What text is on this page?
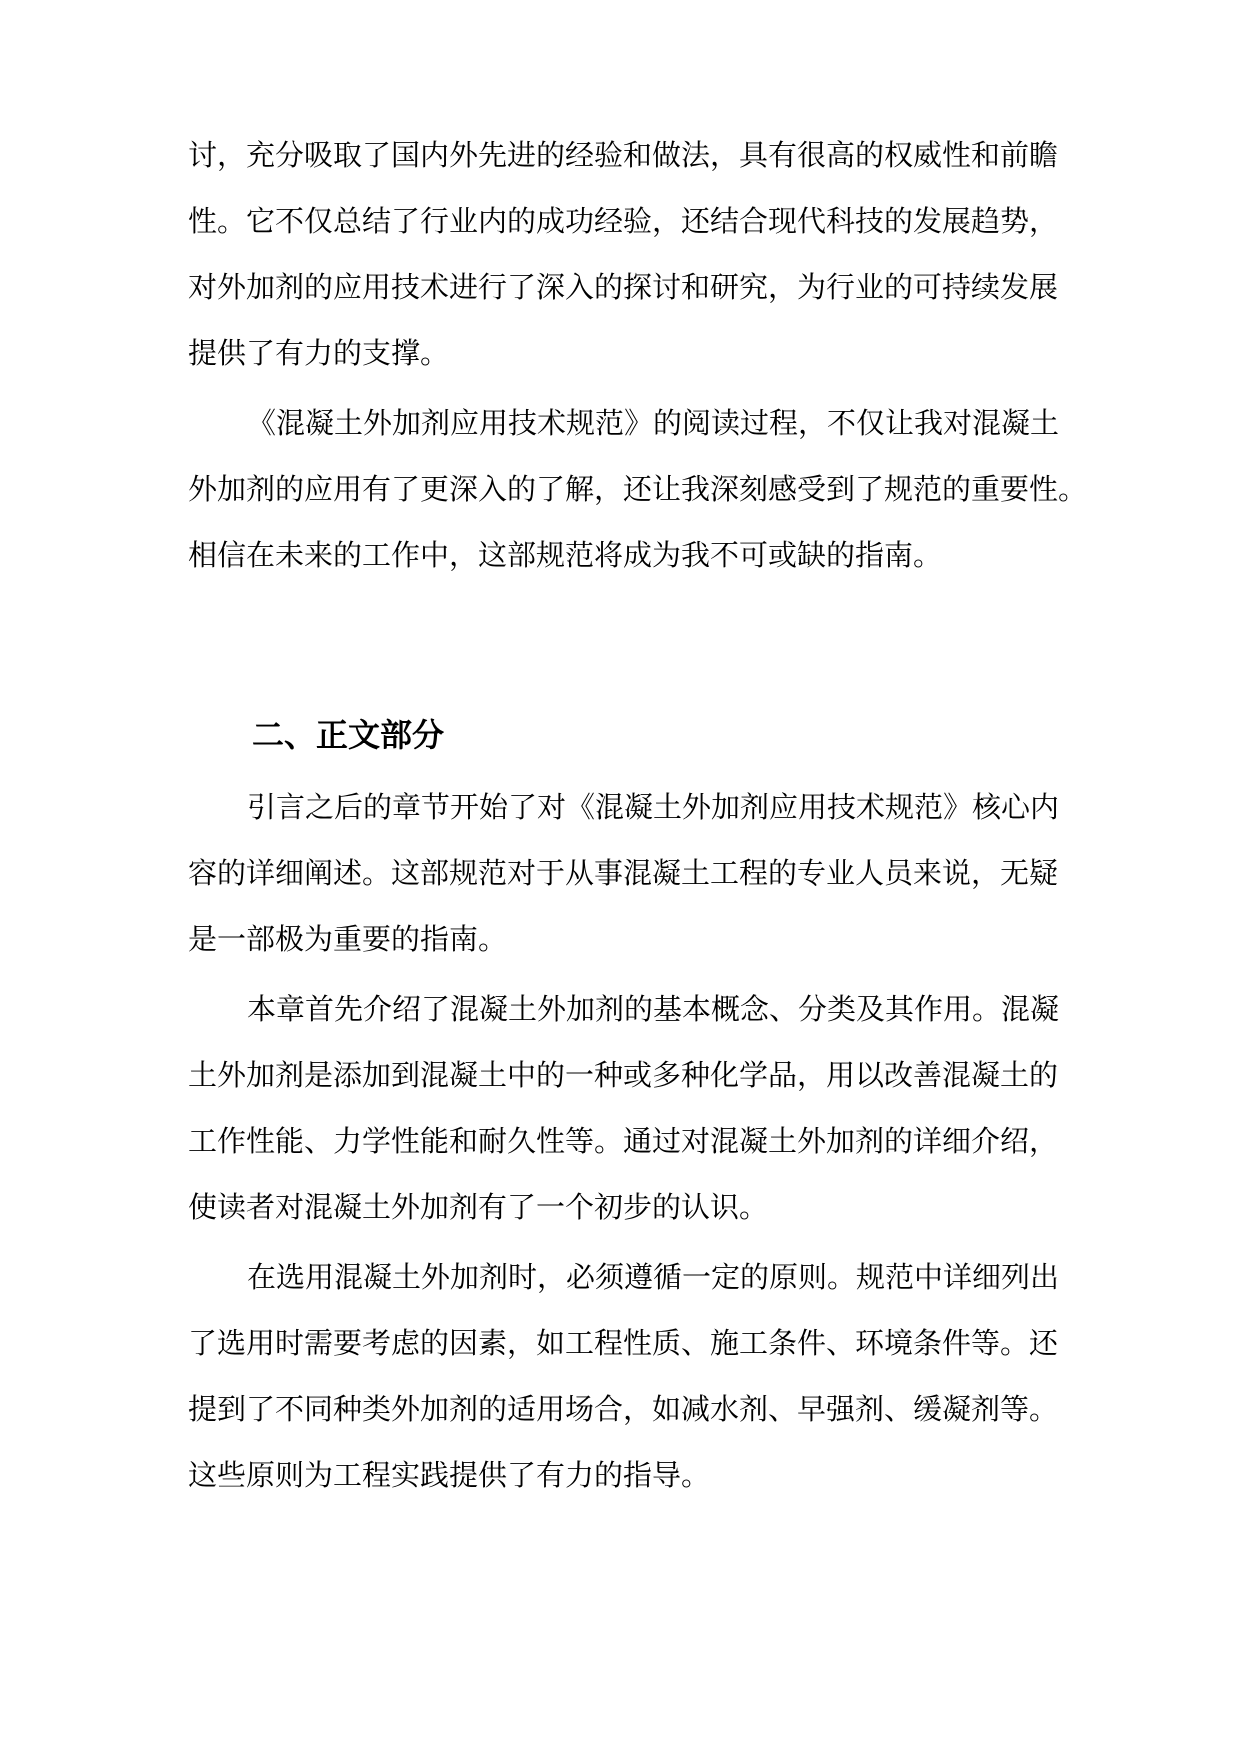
讨，充分吸取了国内外先进的经验和做法，具有很高的权威性和前瞻

性。它不仅总结了行业内的成功经验，还结合现代科技的发展趋势，

对外加剂的应用技术进行了深入的探讨和研究，为行业的可持续发展

提供了有力的支撑。

《混凝土外加剂应用技术规范》的阅读过程，不仅让我对混凝土

外加剂的应用有了更深入的了解，还让我深刻感受到了规范的重要性。

相信在未来的工作中，这部规范将成为我不可或缺的指南。

二、正文部分

引言之后的章节开始了对《混凝土外加剂应用技术规范》核心内

容的详细阐述。这部规范对于从事混凝土工程的专业人员来说，无疑

是一部极为重要的指南。

本章首先介绍了混凝土外加剂的基本概念、分类及其作用。混凝

土外加剂是添加到混凝土中的一种或多种化学品，用以改善混凝土的

工作性能、力学性能和耐久性等。通过对混凝土外加剂的详细介绍，

使读者对混凝土外加剂有了一个初步的认识。

在选用混凝土外加剂时，必须遵循一定的原则。规范中详细列出

了选用时需要考虑的因素，如工程性质、施工条件、环境条件等。还

提到了不同种类外加剂的适用场合，如减水剂、早强剂、缓凝剂等。

这些原则为工程实践提供了有力的指导。
